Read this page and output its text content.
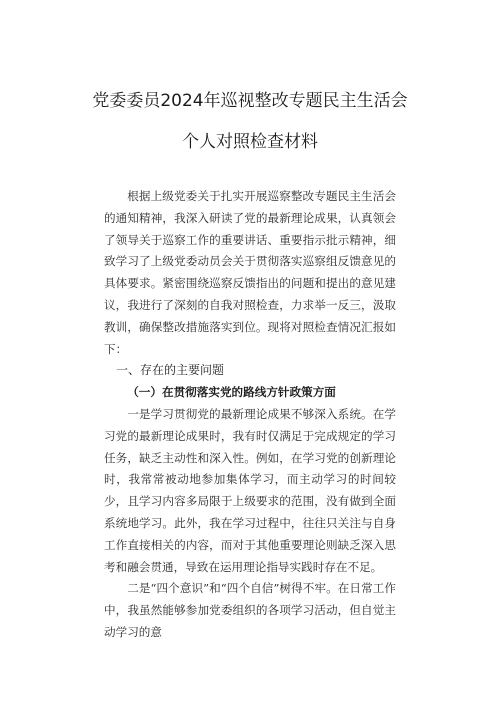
党委委员2024年巡视整改专题民主生活会
个人对照检查材料

根据上级党委关于扎实开展巡察整改专题民主生活会的通知精神，我深入研读了党的最新理论成果，认真领会了领导关于巡察工作的重要讲话、重要指示批示精神，细致学习了上级党委动员会关于贯彻落实巡察组反馈意见的具体要求。紧密围绕巡察反馈指出的问题和提出的意见建议，我进行了深刻的自我对照检查，力求举一反三，汲取教训，确保整改措施落实到位。现将对照检查情况汇报如下：

一、存在的主要问题

（一）在贯彻落实党的路线方针政策方面

一是学习贯彻党的最新理论成果不够深入系统。在学习党的最新理论成果时，我有时仅满足于完成规定的学习任务，缺乏主动性和深入性。例如，在学习党的创新理论时，我常常被动地参加集体学习，而主动学习的时间较少，且学习内容多局限于上级要求的范围，没有做到全面系统地学习。此外，我在学习过程中，往往只关注与自身工作直接相关的内容，而对于其他重要理论则缺乏深入思考和融会贯通，导致在运用理论指导实践时存在不足。

二是“四个意识”和“四个自信”树得不牢。在日常工作中，我虽然能够参加党委组织的各项学习活动，但自觉主动学习的意
